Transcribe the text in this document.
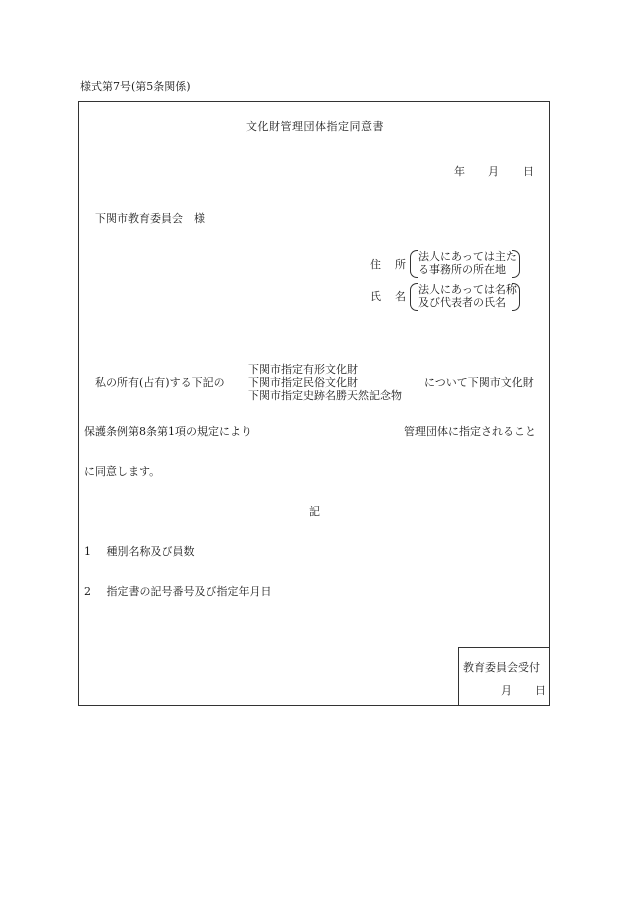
様式第7号(第5条関係)
文化財管理団体指定同意書
年 月 日
下関市教育委員会　様
住 所
法人にあっては主た
る事務所の所在地
氏 名
法人にあっては名称
及び代表者の氏名
私の所有(占有)する下記の
下関市指定有形文化財
下関市指定民俗文化財
下関市指定史跡名勝天然記念物
について下関市文化財
保護条例第8条第1項の規定により	管理団体に指定されること
に同意します。
記
1 種別名称及び員数
2 指定書の記号番号及び指定年月日
教育委員会受付
月 日
